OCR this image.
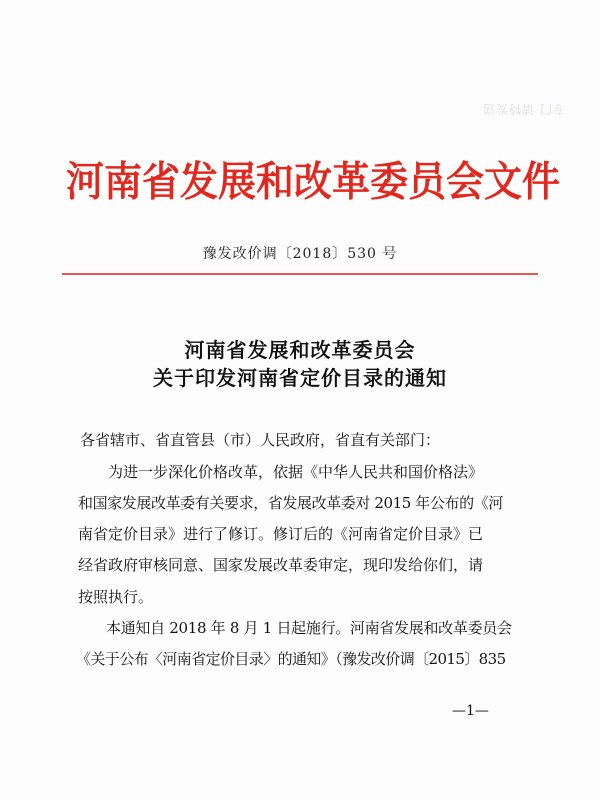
专门 请特发送
河南省发展和改革委员会文件
豫发改价调〔2018〕530 号
河南省发展和改革委员会
关于印发河南省定价目录的通知
各省辖市、省直管县（市）人民政府，省直有关部门：
为进一步深化价格改革，依据《中华人民共和国价格法》
和国家发展改革委有关要求，省发展改革委对 2015 年公布的《河
南省定价目录》进行了修订。修订后的《河南省定价目录》已
经省政府审核同意、国家发展改革委审定，现印发给你们，请
按照执行。
本通知自 2018 年 8 月 1 日起施行。河南省发展和改革委员会
《关于公布〈河南省定价目录〉的通知》（豫发改价调〔2015〕835
—1—
